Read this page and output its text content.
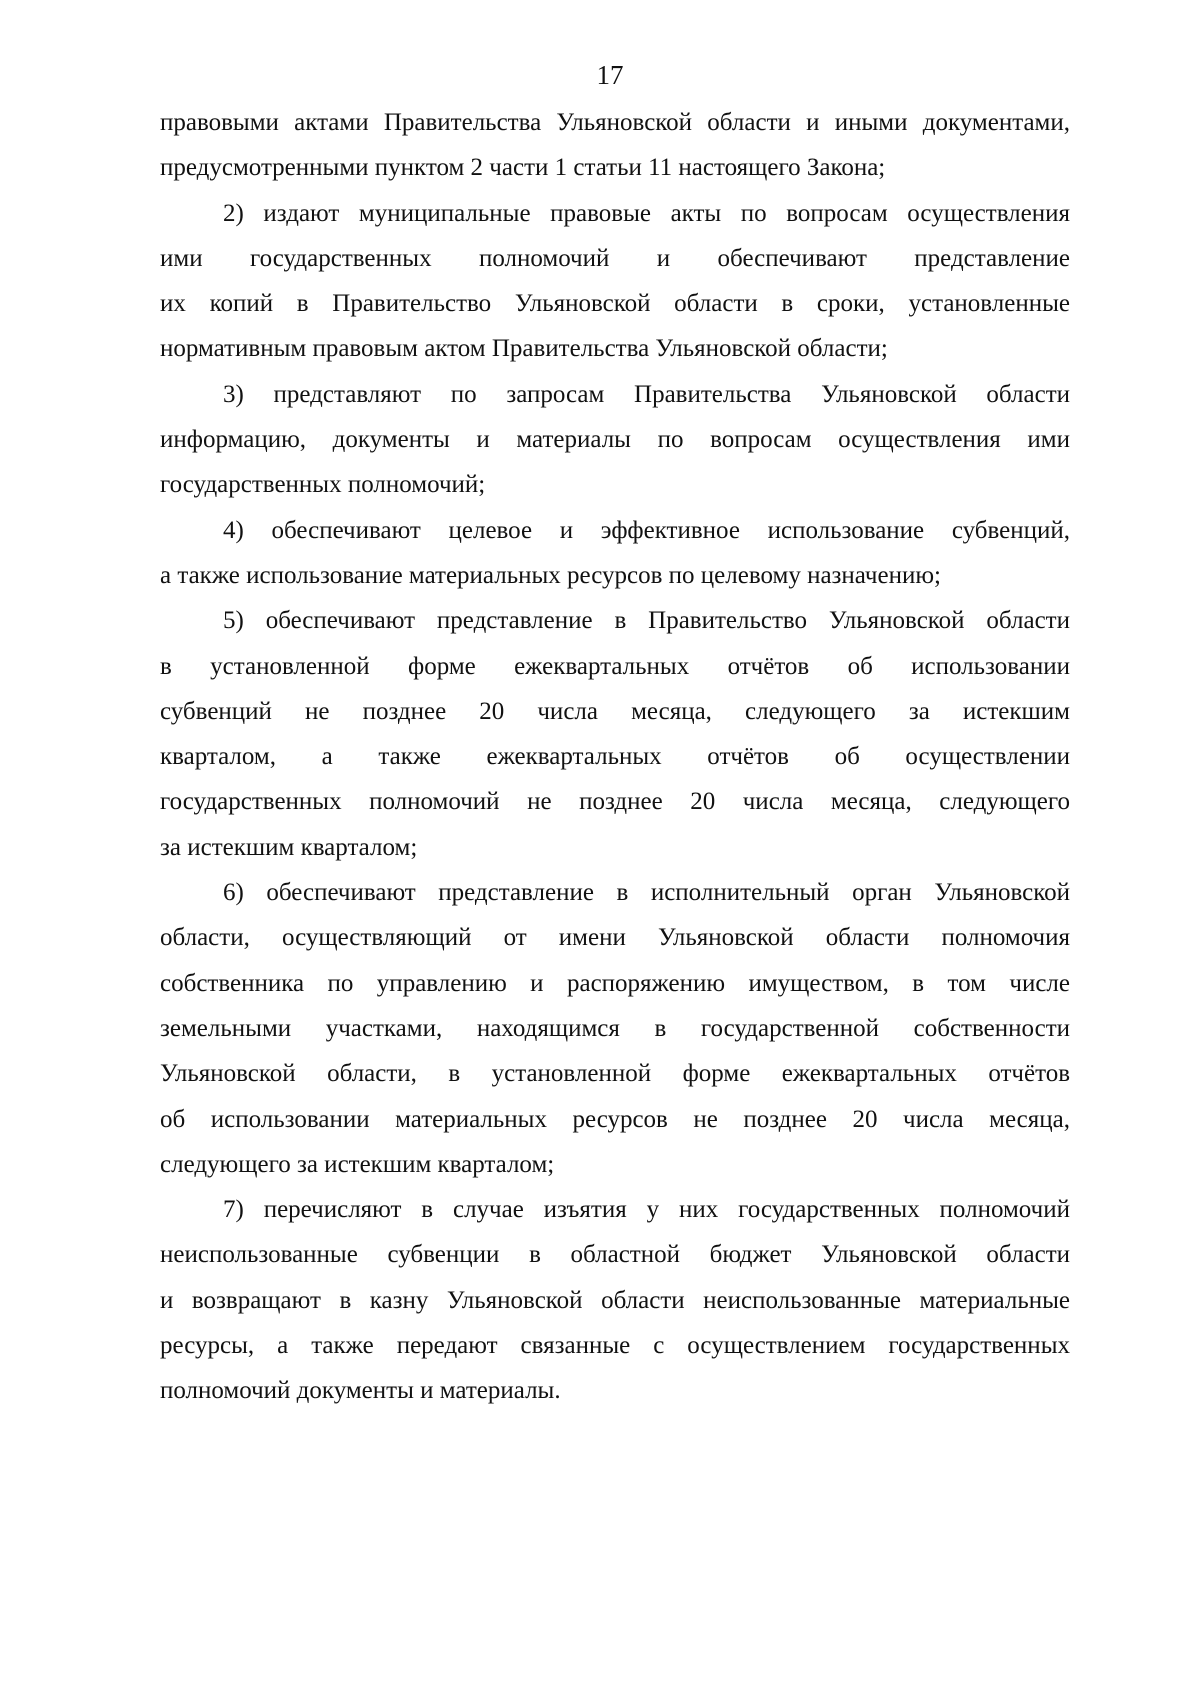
17
правовыми актами Правительства Ульяновской области и иными документами,
предусмотренными пунктом 2 части 1 статьи 11 настоящего Закона;
2) издают муниципальные правовые акты по вопросам осуществления
ими государственных полномочий и обеспечивают представление
их копий в Правительство Ульяновской области в сроки, установленные
нормативным правовым актом Правительства Ульяновской области;
3) представляют по запросам Правительства Ульяновской области
информацию, документы и материалы по вопросам осуществления ими
государственных полномочий;
4) обеспечивают целевое и эффективное использование субвенций,
а также использование материальных ресурсов по целевому назначению;
5) обеспечивают представление в Правительство Ульяновской области
в установленной форме ежеквартальных отчётов об использовании
субвенций не позднее 20 числа месяца, следующего за истекшим
кварталом, а также ежеквартальных отчётов об осуществлении
государственных полномочий не позднее 20 числа месяца, следующего
за истекшим кварталом;
6) обеспечивают представление в исполнительный орган Ульяновской
области, осуществляющий от имени Ульяновской области полномочия
собственника по управлению и распоряжению имуществом, в том числе
земельными участками, находящимся в государственной собственности
Ульяновской области, в установленной форме ежеквартальных отчётов
об использовании материальных ресурсов не позднее 20 числа месяца,
следующего за истекшим кварталом;
7) перечисляют в случае изъятия у них государственных полномочий
неиспользованные субвенции в областной бюджет Ульяновской области
и возвращают в казну Ульяновской области неиспользованные материальные
ресурсы, а также передают связанные с осуществлением государственных
полномочий документы и материалы.
